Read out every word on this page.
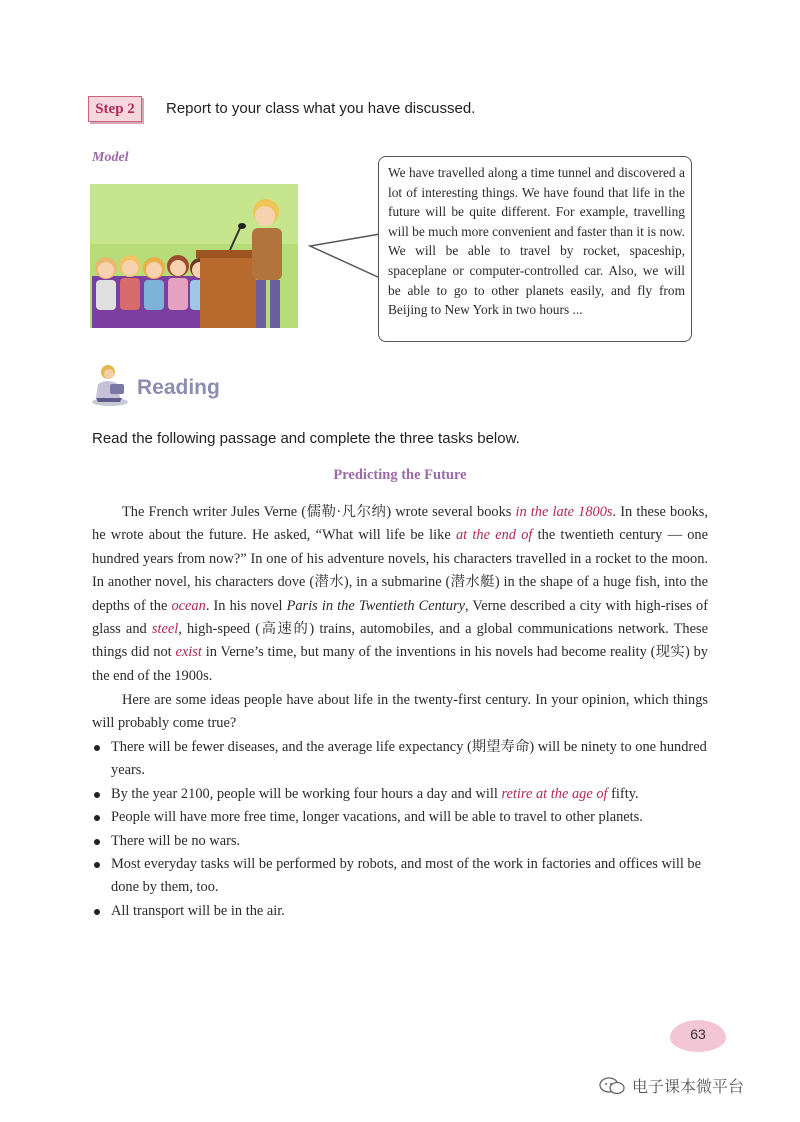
Step 2	Report to your class what you have discussed.
Model
We have travelled along a time tunnel and discovered a lot of interesting things. We have found that life in the future will be quite different. For example, travelling will be much more convenient and faster than it is now. We will be able to travel by rocket, spaceship, spaceplane or computer-controlled car. Also, we will be able to go to other planets easily, and fly from Beijing to New York in two hours ...
Reading
Read the following passage and complete the three tasks below.
Predicting the Future
The French writer Jules Verne (儒勒·凡尔纳) wrote several books in the late 1800s. In these books, he wrote about the future. He asked, “What will life be like at the end of the twentieth century — one hundred years from now?” In one of his adventure novels, his characters travelled in a rocket to the moon. In another novel, his characters dove (潜水), in a submarine (潜水艇) in the shape of a huge fish, into the depths of the ocean. In his novel Paris in the Twentieth Century, Verne described a city with high-rises of glass and steel, high-speed (高速的) trains, automobiles, and a global communications network. These things did not exist in Verne’s time, but many of the inventions in his novels had become reality (现实) by the end of the 1900s.
Here are some ideas people have about life in the twenty-first century. In your opinion, which things will probably come true?
There will be fewer diseases, and the average life expectancy (期望寿命) will be ninety to one hundred years.
By the year 2100, people will be working four hours a day and will retire at the age of fifty.
People will have more free time, longer vacations, and will be able to travel to other planets.
There will be no wars.
Most everyday tasks will be performed by robots, and most of the work in factories and offices will be done by them, too.
All transport will be in the air.
63
电子课本微平台
